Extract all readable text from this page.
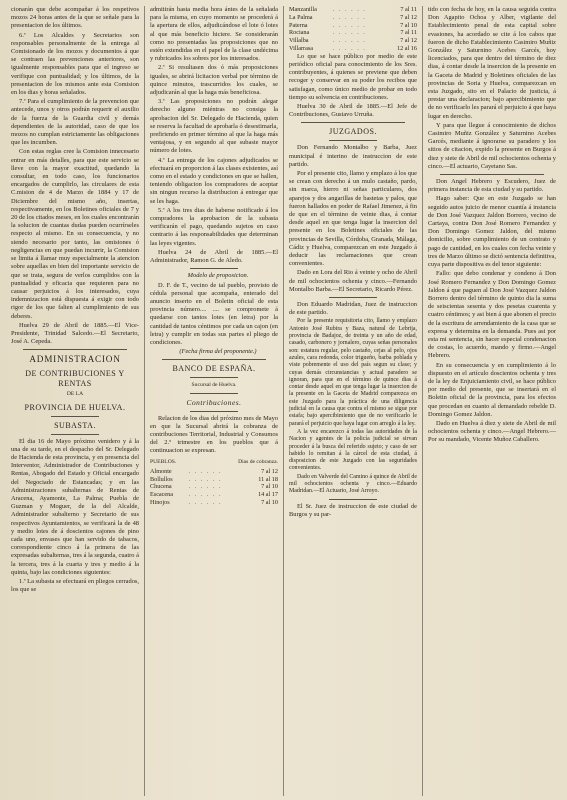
cionarán que debe acompañar á los respetivos mozos 24 horas antes de la que se señale para la presentacion de los últimos.

6.ª Los Alcaldes y Secretarios son responsables personalmente de la entrega al Comisionado de los mozos y documentos á que se contraen las prevenciones anteriores, son igualmente responsables para que el ingreso se verifique con puntualidad; y los últimos, de la presentacion de los mismos ante esta Comision en los dias y horas señalados.

7.ª Para el cumplimiento de la prevencion que antecede, unos y otros podrán requerir el auxilio de la fuerza de la Guardia civil y demás dependientes de la autoridad, caso de que los mozos no cumplan estrictamente las obligaciones que les incumben.

Con estas reglas cree la Comision innecesario entrar en más detalles, para que este servicio se lleve con la mayor exactitud, quedando la consultar, en todo caso, los funcionarios encargados de cumplirlo, las circulares de esta C.mision de 4 de Marzo de 1884 y 17 de Diciembre del mismo año, insertas, respectivamente, en los Boletines oficiales de 7 y 20 de los citados meses, en los cuales encontrarán la solucion de cuantas dudas pueden ocurrírseles respecto al mismo. En su consecuencia, y no siendo necesario por tanto, las omisiones ó negligencias en que puedan incurrir, la Comision se limita á llamar muy especialmente la atencion sobre aquellas en bien del importante servicio de que se trata, segura de verlos cumplidos con la puntualidad y eficacia que requieren para no causar perjuicios á los interesados, cuya indemnizacion está dispuesta á exigir con todo rigor de los que falten al cumplimiento de sus deberes.

Huelva 29 de Abril de 1885.—El Vice-Presidente, Trinidad Salcedo.—El Secretario, José A. Cepeda.

ADMINISTRACION
DE CONTRIBUCIONES Y RENTAS
DE LA
PROVINCIA DE HUELVA.
SUBASTA.

El dia 16 de Mayo próximo venidero y á la una de su tarde, en el despacho del Sr. Delegado de Hacienda de esta provincia, y en presencia del Interventor, Administrador de Contribuciones y Rentas, Abogado del Estado y Oficial encargado del Negociado de Estancadas; y en las Administraciones subalternas de Rentas de Aracena, Ayamonte, La Palma; Puebla de Guzman y Moguer, de la del Alcalde, Administrador subalterno y Secretario de sus respectivos Ayuntamientos, se verificará la de 48 y medio lotes de á doscientos cajones de pino cada uno, envases que han servido de tabacos, correspondiente cinco á la primera de las expresadas subalternas, tres á la segunda, cuatro á la tercera, tres á la cuarta y tres y medio á la quinta, bajo las condiciones siguientes:

1.ª La subasta se efectuará en pliegos cerrados, los que se

admitirán hasta media hora ántes de la señalada para la misma, en cuyo momento se procederá á la apertura de ellos, adjudicándose el lote ó lotes al que más beneficio hiciere. Se considerarán como no presentadas las proposiciones que no estén extendidas en el papel de la clase undécima y rubricados los sobres por los interesados.

2.ª Si resultasen dos ó más proposiciones iguales, se abrirá licitacion verbal por término de quince minutos, trascurridos los cuales, se adjudicarán al que la haga más beneficiosa.

3.ª Las proposiciones no podrán alegar derecho alguno miéntras no consiga la aprobacion del Sr. Delegado de Hacienda, quien se reserva la facultad de aprobarla ó desestimarla, prefiriendo en primer término al que la haga más ventajosa, y en segundo al que subaste mayor número de lotes.

4.ª La entrega de los cajones adjudicados se efectuará en proporcion á las clases existentes, así como en el estado y condiciones en que se hallen, teniendo obligacion los compradores de aceptar sin ningun recurso la distribucion á entregar que se les haga.

5.ª A los tres dias de haberse notificado á los compradores la aprobacion de la subasta verificarán el pago, quedando sujetos en caso contrario á las responsabilidades que determinan las leyes vigentes.

Huelva 24 de Abril de 1885.—El Administrador, Ramon G. de Aledo.

Modelo de proposicion.

D. F. de T., vecino de tal pueblo, provisto de cédula personal que acompaña, enterado del anuncio inserto en el Boletin oficial de esta provincia número.... .... se compromete á quedarse con tantos lotes (en letra) por la cantidad de tantos céntimos por cada un cajon (en letra) y cumplir en todas sus partes el pliego de condiciones.

(Fecha firma del proponente.)

BANCO DE ESPAÑA.
Sucursal de Huelva.
Contribuciones.

Relacion de los dias del próximo mes de Mayo en que la Sucursal abrirá la cobranza de contribuciones Territorial, Industrial y Consumos del 2.º trimestre en los pueblos que á continuacion se expresan.

PUEBLOS.	Dias de cobranza.
Almonte	. . . . . .	7 al 12
Bollullos	. . . . . .	11 al 18
Chucena	. . . . . .	7 al 10
Escacena	. . . . . .	14 al 17
Hinojos	. . . . . .	7 al 10
Manzanilla	. . . . . .	7 al 11
La Palma	. . . . . .	7 al 12
Paterna	. . . . . .	7 al 10
Rociana	. . . . . .	7 al 11
Villalba	. . . . . .	7 al 12
Villarrasa	. . . . . .	12 al 16

Lo que se hace público por medio de este periódico oficial para conocimiento de los Sres. contribuyentes, á quienes se previene que deben recoger y conservar en su poder los recibos que satisfagan, como único medio de probar en todo tiempo su solvencia en contribuciones.

Huelva 30 de Abril de 1885.—El Jefe de Contribuciones, Gustavo Urruña.

JUZGADOS.

Don Fernando Montalbo y Barba, Juez municipal é interino de instruccion de este partido.

Por el presente cito, llamo y emplazo á los que se crean con derecho á un mulo castaño, pardo, sin marca, hierro ni señas particulares, dos aparejos y dos angarillas de bastetas y palos, que fueron hallados en poder de Rafael Jimenez, á fin de que en el término de veinte dias, á contar desde aquel en que tenga lugar la insercion del presente en los Boletines oficiales de las provincias de Sevilla, Córdoba, Granada, Málaga, Cádiz y Huelva, comparezcan en este Juzgado á deducir las reclamaciones que crean convenientes.

Dado en Lora del Rio á veinte y ocho de Abril de mil ochocientos ochenta y cinco.—Fernando Montalbo Barba.—El Secretario, Ricardo Pérez.

Don Eduardo Madridan, Juez de instruccion de este partido.

Por la presente requisitoria cito, llamo y emplazo Antonio José Rubira y Baza, natural de Lebrija, provincia de Badajoz, de treinta y un año de edad, casado, carbonero y jornalero, cuyas señas personales son: estatura regular, pelo castaño, cejas al pelo, ojos azules, cara redonda, color trigueño, barba poblada y viste pobremente el uso del país segun su clase; y cuyas demás circunstancias y actual paradero se ignoran, para que en el término de quince dias á contar desde aquel en que tenga lugar la insercion de la presente en la Gaceta de Madrid comparezca en este Juzgado para la práctica de una diligencia judicial en la causa que contra el mismo se sigue por estafa; bajo apercibimiento que de no verificarlo le parará el perjuicio que haya lugar con arreglo á la ley.

A la vez encarezco á todas las autoridades de la Nacion y agentes de la policía judicial se sirvan proceder á la busca del referido sujeto; y caso de ser habido lo remitan á la cárcel de esta ciudad, á disposicion de este Juzgado con las seguridades convenientes.

Dado en Valverde del Camino á quince de Abril de mil ochocientos ochenta y cinco.—Eduardo Madridan.—El Actuario, José Arroyo.

El Sr. Juez de instruccion de este ciudad de Burgos y su par-

tido con fecha de hoy, en la causa seguida contra Don Agapito Ochoa y Alber, vigilante del Establecimiento penal de esta capital sobre evasiones, ha acordado se cite á los cabos que fueron de dicho Establecimiento Casimiro Muñiz González y Saturnino Acebes Garcés, hoy licenciados, para que dentro del término de diez dias, á contar desde la insercion de la presente en la Gaceta de Madrid y Boletines oficiales de las provincias de Soria y Huelva, comparezcan en esta Juzgado, sito en el Palacio de justicia, á prestar una declaracion; bajo apercibimiento que de no verificarlo les parará el perjuicio á que haya lugar en derecho.

Y para que llegue á conocimiento de dichos Casimiro Muñiz González y Saturnino Acebes Garcés, mediante á ignorarse su paradero y los sitios de citacion, expido la presente en Burgos á diez y siete de Abril de mil ochocientos ochenta y cinco.—El actuario, Cayetano Sas.

Don Angel Hebrero y Escudero, Juez de primera instancia de esta ciudad y su partido.

Hago saber: Que en este Juzgado se han seguido autos juicio de menor cuantía á instancia de Don José Vazquez Jaldon Borrero, vecino de Cartaya, contra Don José Romero Fernandez y Don Domingo Gomez Jaldon, del mismo domicilio, sobre cumplimiento de un contrato y pago de cantidad, en los cuales con fecha veinte y tres de Marzo último se dictó sentencia definitiva, cuya parte dispositiva es del tenor siguiente:

Fallo: que debo condenar y condeno á Don José Romero Fernandez y Don Domingo Gomez Jaldon á que paguen al Don José Vazquez Jaldon Borrero dentro del término de quinto dia la suma de seiscientas sesenta y dos pesetas cuarenta y cuatro céntimos; y asi bien á que abonen el precio de la escritura de arrendamiento de la casa que se expresa y determina en la demanda. Pues asi por esta mi sentencia, sin hacer especial condenacion de costas, lo acuerdo, mando y firmo.—Angel Hebrero.

En su consecuencia y en cumplimiento á lo dispuesto en el artículo doscientos ochenta y tres de la ley de Enjuiciamiento civil, se hace público por medio del presente, que se insertará en el Boletin oficial de la provincia, para los efectos que procedan en cuanto al demandado rebelde D. Domingo Gomez Jaldon.

Dado en Huelva á diez y siete de Abril de mil ochocientos ochenta y cinco.—Angel Hebrero.—Por su mandado, Vicente Muñoz Caballero.
